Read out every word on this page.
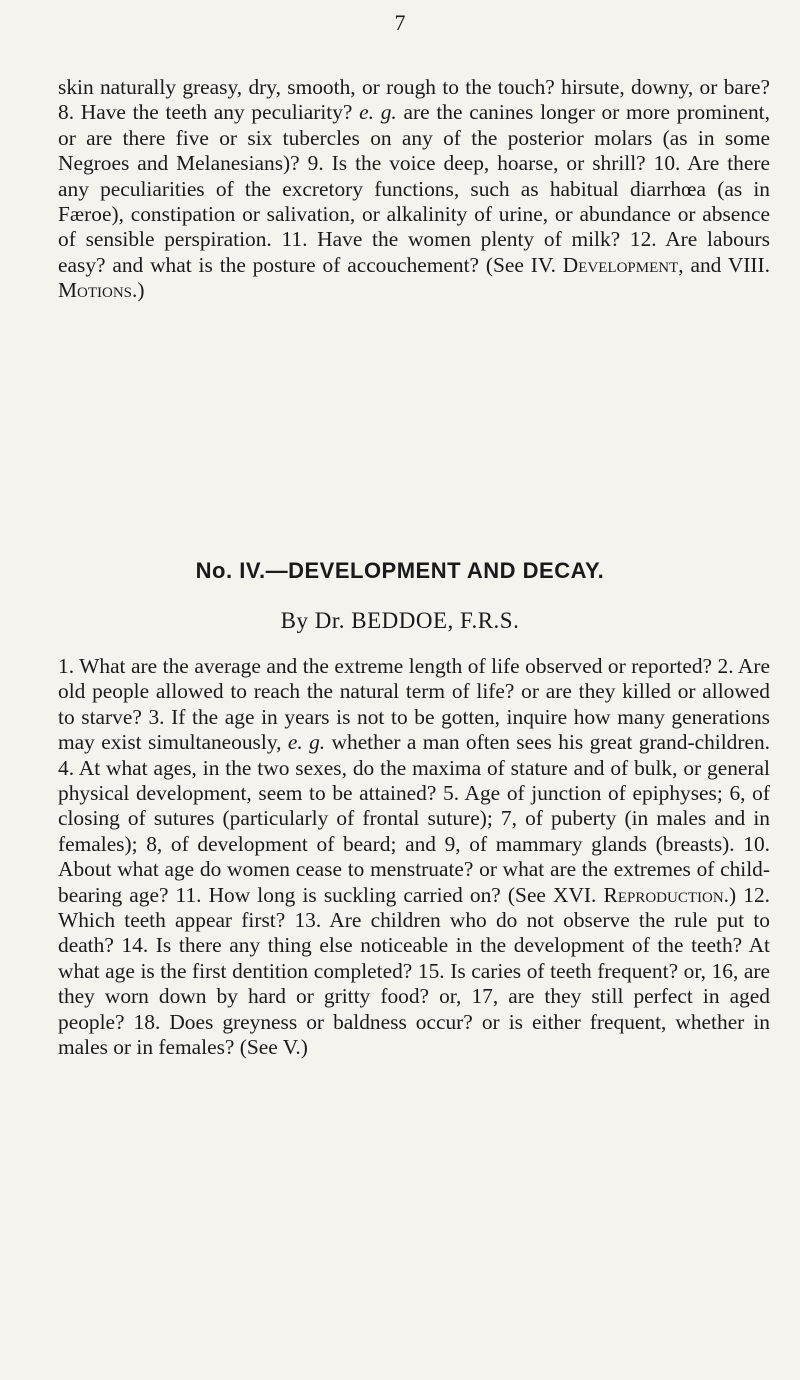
7

skin naturally greasy, dry, smooth, or rough to the touch? hirsute, downy, or bare? 8. Have the teeth any peculiarity? e. g. are the canines longer or more prominent, or are there five or six tubercles on any of the posterior molars (as in some Negroes and Melanesians)? 9. Is the voice deep, hoarse, or shrill? 10. Are there any peculiarities of the excretory functions, such as habitual diarrhœa (as in Færoe), constipation or salivation, or alkalinity of urine, or abundance or absence of sensible perspiration. 11. Have the women plenty of milk? 12. Are labours easy? and what is the posture of accouchement? (See IV. Development, and VIII. Motions.)

No. IV.—DEVELOPMENT AND DECAY.
By Dr. BEDDOE, F.R.S.

1. What are the average and the extreme length of life observed or reported? 2. Are old people allowed to reach the natural term of life? or are they killed or allowed to starve? 3. If the age in years is not to be gotten, inquire how many generations may exist simultaneously, e. g. whether a man often sees his great grand-children. 4. At what ages, in the two sexes, do the maxima of stature and of bulk, or general physical development, seem to be attained? 5. Age of junction of epiphyses; 6, of closing of sutures (particularly of frontal suture); 7, of puberty (in males and in females); 8, of development of beard; and 9, of mammary glands (breasts). 10. About what age do women cease to menstruate? or what are the extremes of child-bearing age? 11. How long is suckling carried on? (See XVI. Reproduction.) 12. Which teeth appear first? 13. Are children who do not observe the rule put to death? 14. Is there any thing else noticeable in the development of the teeth? At what age is the first dentition completed? 15. Is caries of teeth frequent? or, 16, are they worn down by hard or gritty food? or, 17, are they still perfect in aged people? 18. Does greyness or baldness occur? or is either frequent, whether in males or in females? (See V.)
